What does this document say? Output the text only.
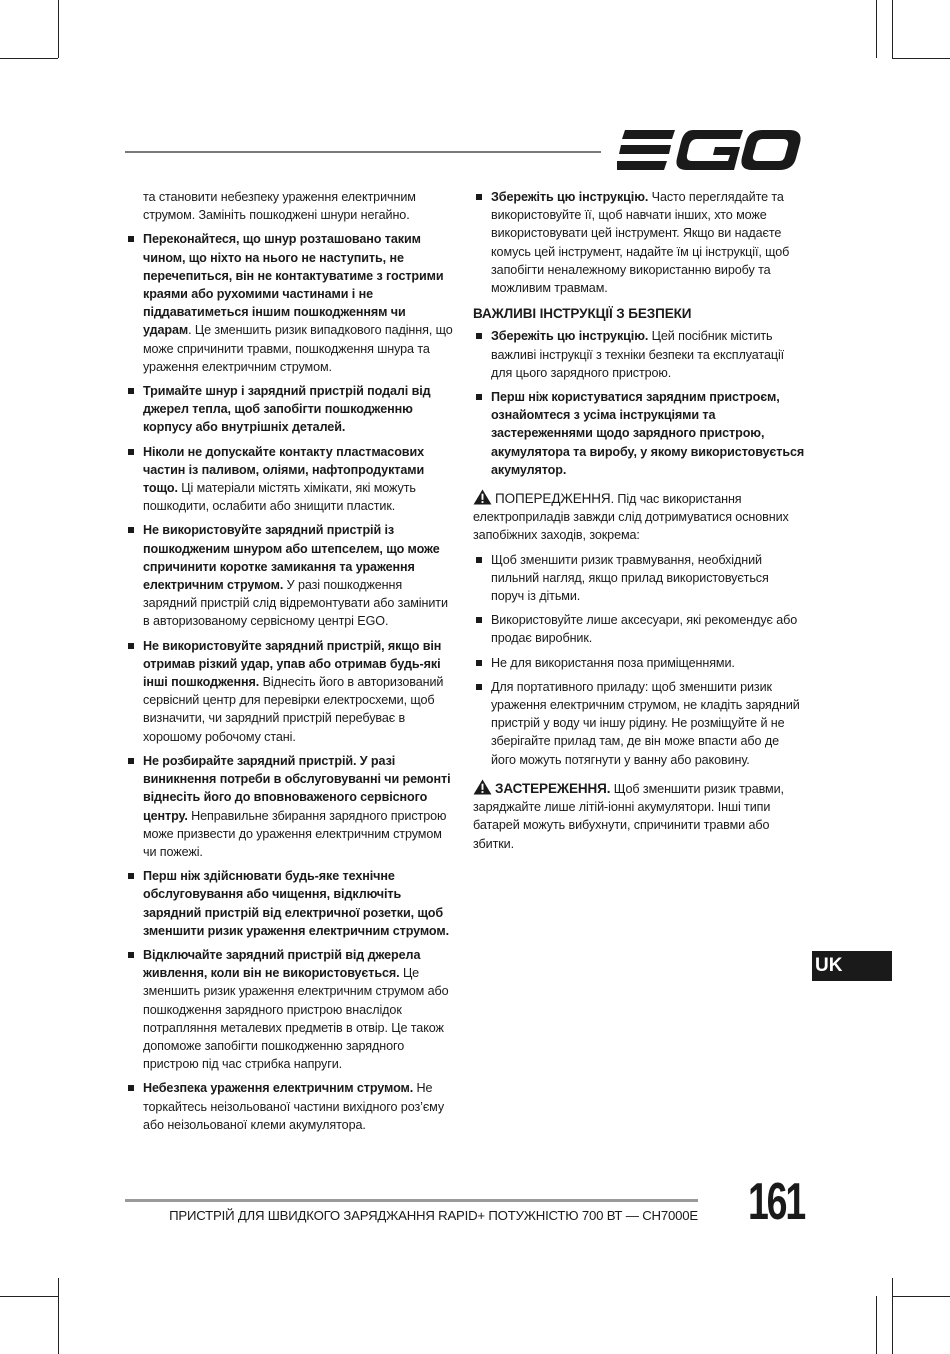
та становити небезпеку ураження електричним струмом. Замініть пошкоджені шнури негайно.

Переконайтеся, що шнур розташовано таким чином, що ніхто на нього не наступить, не перечепиться, він не контактуватиме з гострими краями або рухомими частинами і не піддаватиметься іншим пошкодженням чи ударам. Це зменшить ризик випадкового падіння, що може спричинити травми, пошкодження шнура та ураження електричним струмом.
Тримайте шнур і зарядний пристрій подалі від джерел тепла, щоб запобігти пошкодженню корпусу або внутрішніх деталей.
Ніколи не допускайте контакту пластмасових частин із паливом, оліями, нафтопродуктами тощо. Ці матеріали містять хімікати, які можуть пошкодити, ослабити або знищити пластик.
Не використовуйте зарядний пристрій із пошкодженим шнуром або штепселем, що може спричинити коротке замикання та ураження електричним струмом. У разі пошкодження зарядний пристрій слід відремонтувати або замінити в авторизованому сервісному центрі EGO.
Не використовуйте зарядний пристрій, якщо він отримав різкий удар, упав або отримав будь-які інші пошкодження. Віднесіть його в авторизований сервісний центр для перевірки електросхеми, щоб визначити, чи зарядний пристрій перебуває в хорошому робочому стані.
Не розбирайте зарядний пристрій. У разі виникнення потреби в обслуговуванні чи ремонті віднесіть його до вповноваженого сервісного центру. Неправильне збирання зарядного пристрою може призвести до ураження електричним струмом чи пожежі.
Перш ніж здійснювати будь-яке технічне обслуговування або чищення, відключіть зарядний пристрій від електричної розетки, щоб зменшити ризик ураження електричним струмом.
Відключайте зарядний пристрій від джерела живлення, коли він не використовується. Це зменшить ризик ураження електричним струмом або пошкодження зарядного пристрою внаслідок потрапляння металевих предметів в отвір. Це також допоможе запобігти пошкодженню зарядного пристрою під час стрибка напруги.
Небезпека ураження електричним струмом. Не торкайтесь неізольованої частини вихідного роз’єму або неізольованої клеми акумулятора.
Збережіть цю інструкцію. Часто переглядайте та використовуйте її, щоб навчати інших, хто може використовувати цей інструмент. Якщо ви надаєте комусь цей інструмент, надайте їм ці інструкції, щоб запобігти неналежному використанню виробу та можливим травмам.
ВАЖЛИВІ ІНСТРУКЦІЇ З БЕЗПЕКИ
Збережіть цю інструкцію. Цей посібник містить важливі інструкції з техніки безпеки та експлуатації для цього зарядного пристрою.
Перш ніж користуватися зарядним пристроєм, ознайомтеся з усіма інструкціями та застереженнями щодо зарядного пристрою, акумулятора та виробу, у якому використовується акумулятор.
ПОПЕРЕДЖЕННЯ. Під час використання електроприладів завжди слід дотримуватися основних запобіжних заходів, зокрема:
Щоб зменшити ризик травмування, необхідний пильний нагляд, якщо прилад використовується поруч із дітьми.
Використовуйте лише аксесуари, які рекомендує або продає виробник.
Не для використання поза приміщеннями.
Для портативного приладу: щоб зменшити ризик ураження електричним струмом, не кладіть зарядний пристрій у воду чи іншу рідину. Не розміщуйте й не зберігайте прилад там, де він може впасти або де його можуть потягнути у ванну або раковину.
ЗАСТЕРЕЖЕННЯ. Щоб зменшити ризик травми, заряджайте лише літій-іонні акумулятори. Інші типи батарей можуть вибухнути, спричинити травми або збитки.
UK
ПРИСТРІЙ ДЛЯ ШВИДКОГО ЗАРЯДЖАННЯ RAPID+ ПОТУЖНІСТЮ 700 ВТ — CH7000E 161
